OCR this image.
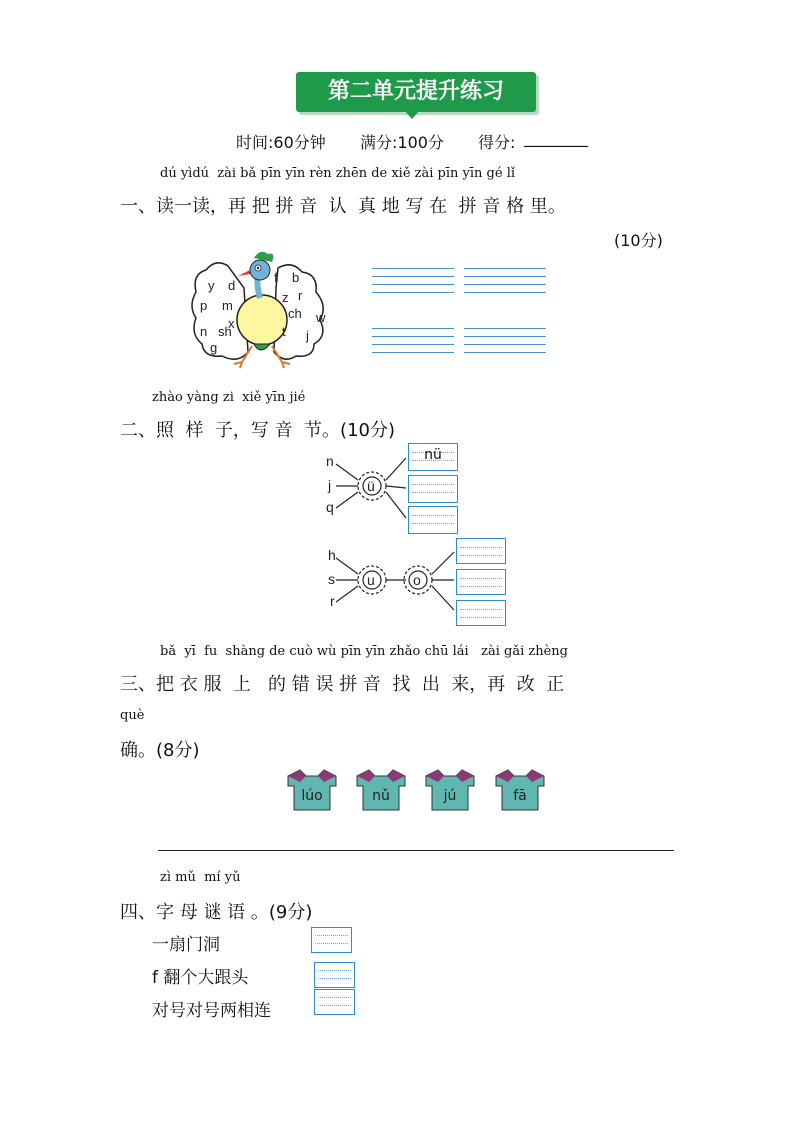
第二单元提升练习
时间:60分钟 满分:100分 得分: ________
dú yìdú  zài bǎ pīn yīn rèn zhēn de xiě zài pīn yīn gé lǐ
一、读一读，再 把 拼 音  认  真 地 写 在  拼 音 格 里。
(10分)
y d
f b
p m
z r
ch w
n sh
x
j
g
t
zhào yàng zi  xiě yīn jié
二、照  样  子，写 音  节。(10分)
n
j
q
ü
nü
h
s
r
u	o
bǎ  yī  fu  shàng de cuò wù pīn yīn zhǎo chū lái   zài gǎi zhèng
三、把 衣 服  上   的 错 误 拼 音  找  出  来，再  改  正
què
确。(8分)
lúo	nǔ	jú	fā
zì mǔ  mí yǔ
四、字 母 谜 语 。(9分)
一扇门洞
f 翻个大跟头
对号对号两相连
